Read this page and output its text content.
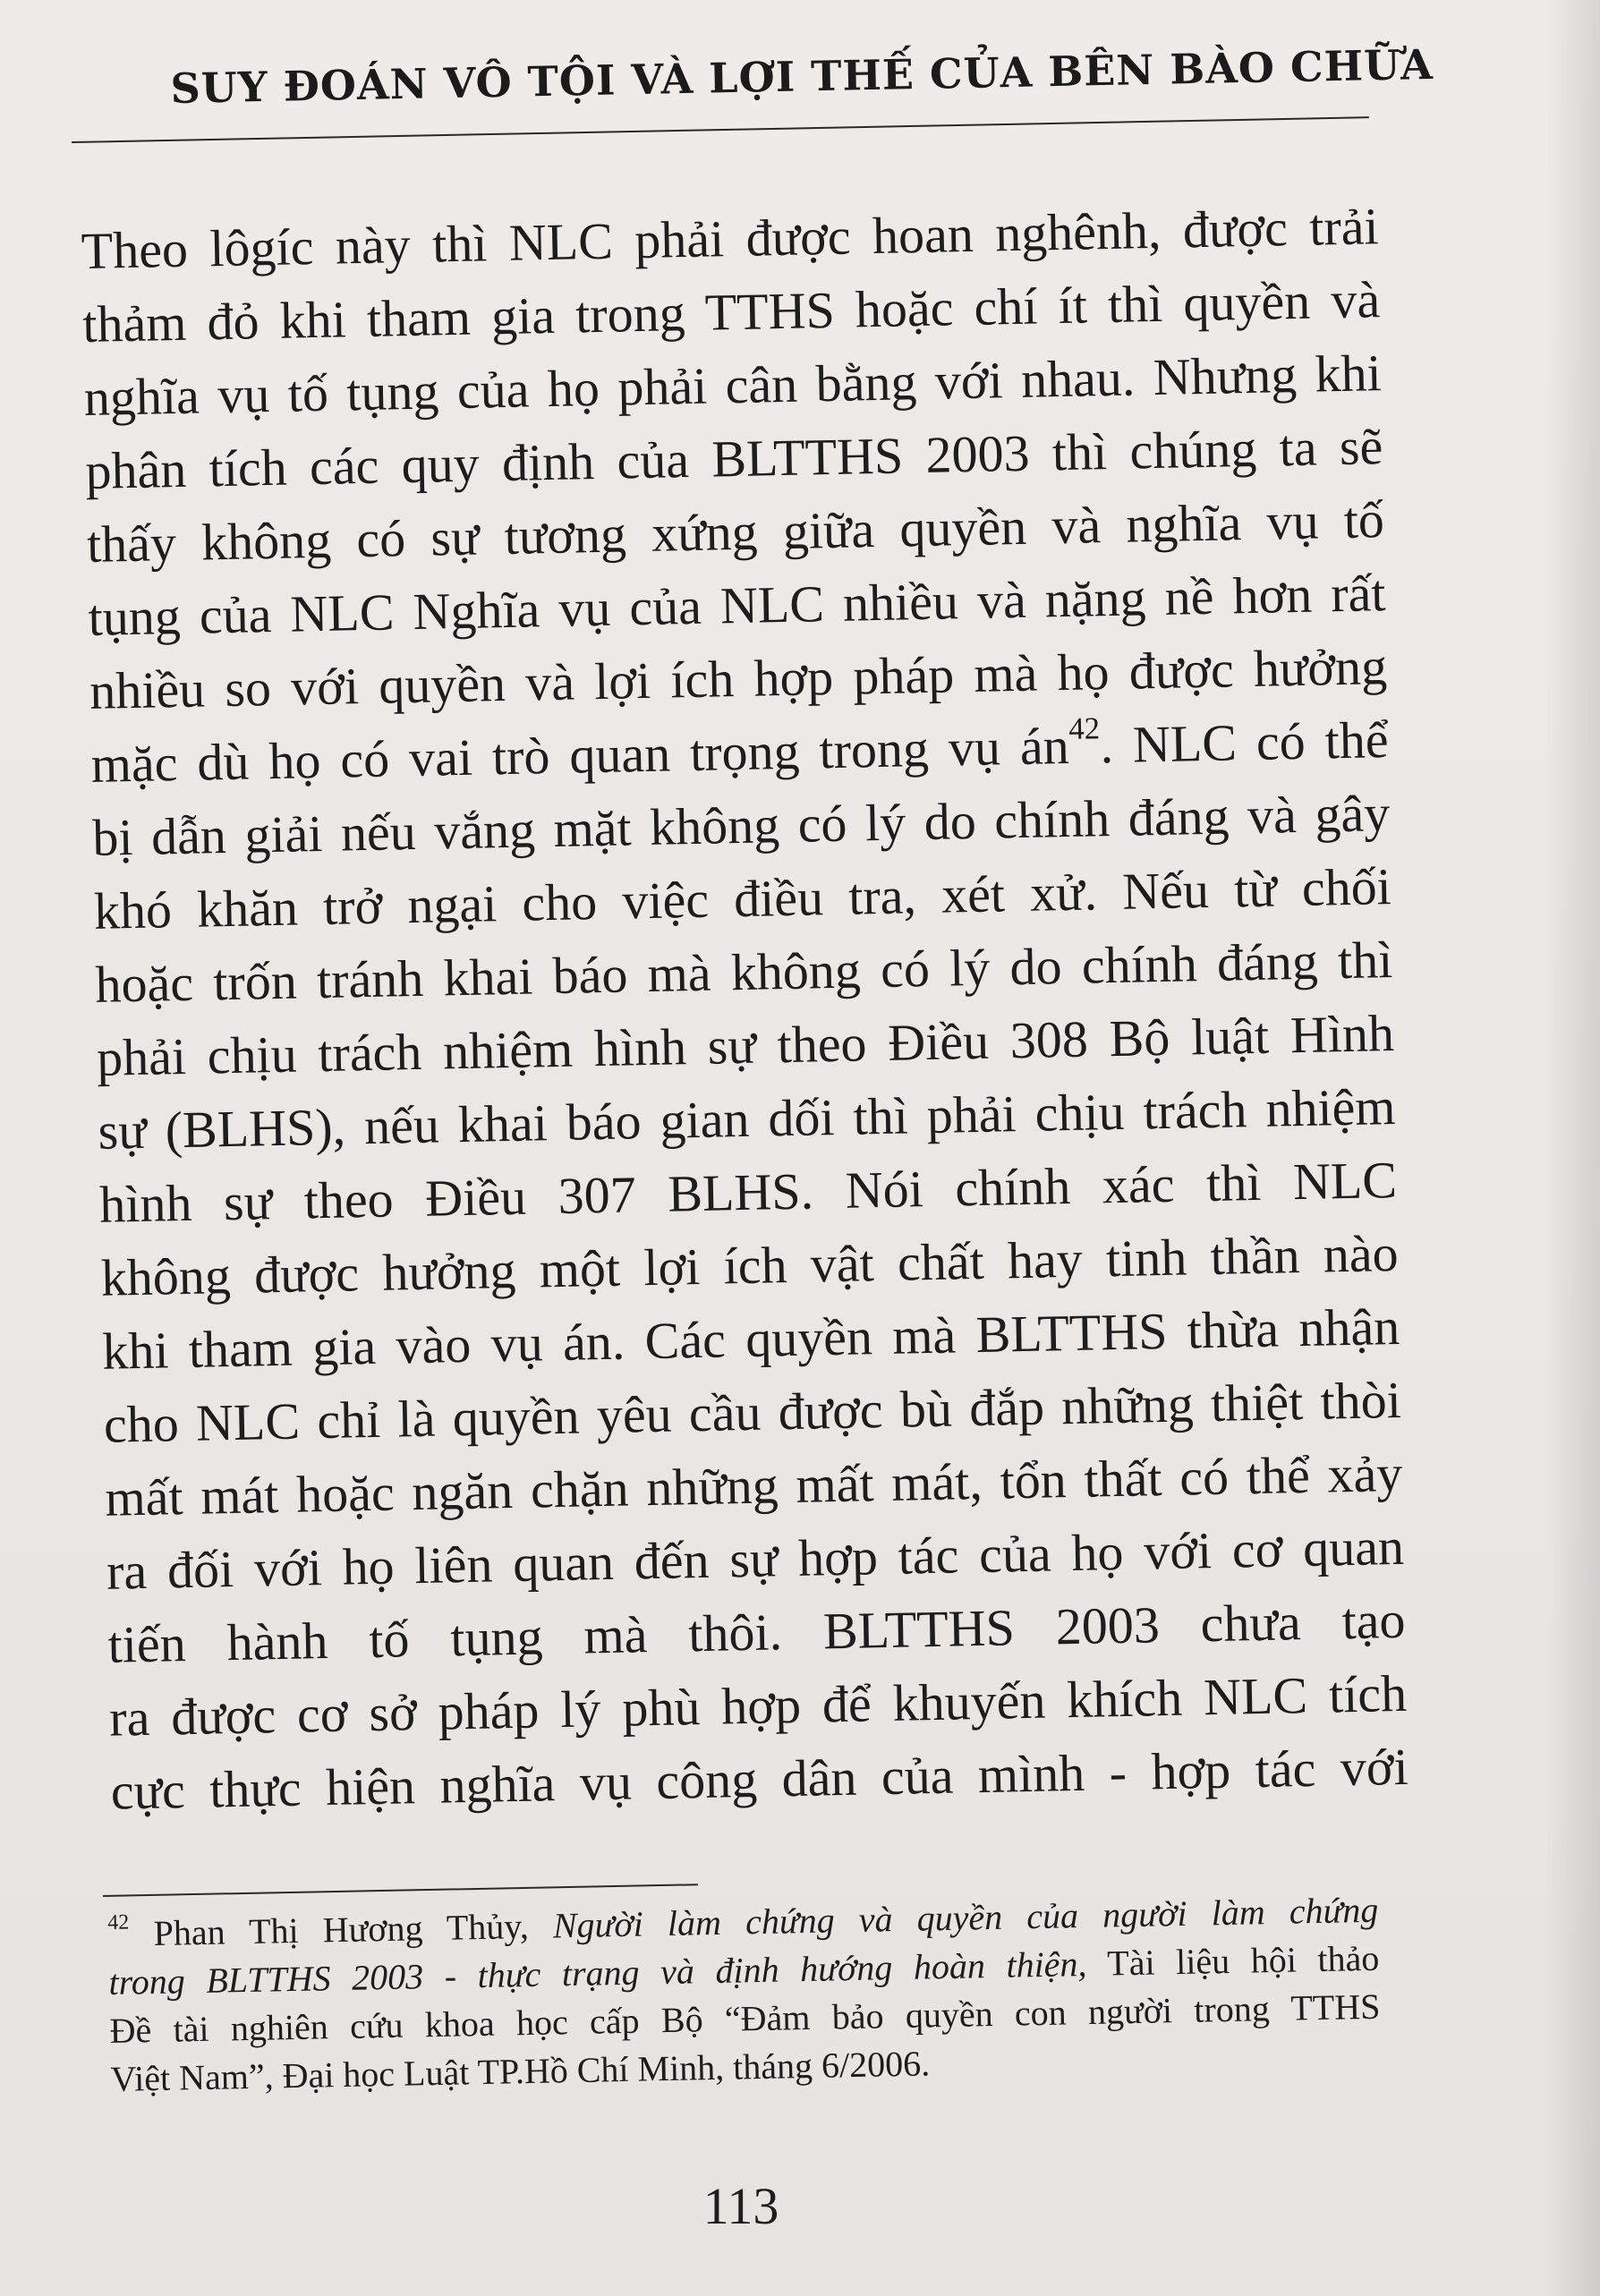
SUY ĐOÁN VÔ TỘI VÀ LỢI THẾ CỦA BÊN BÀO CHỮA
Theo lôgíc này thì NLC phải được hoan nghênh, được trải
thảm đỏ khi tham gia trong TTHS hoặc chí ít thì quyền và
nghĩa vụ tố tụng của họ phải cân bằng với nhau. Nhưng khi
phân tích các quy định của BLTTHS 2003 thì chúng ta sẽ
thấy không có sự tương xứng giữa quyền và nghĩa vụ tố
tụng của NLC Nghĩa vụ của NLC nhiều và nặng nề hơn rất
nhiều so với quyền và lợi ích hợp pháp mà họ được hưởng
mặc dù họ có vai trò quan trọng trong vụ $án^{42}$. NLC có thể
bị dẫn giải nếu vắng mặt không có lý do chính đáng và gây
khó khăn trở ngại cho việc điều tra, xét xử. Nếu từ chối
hoặc trốn tránh khai báo mà không có lý do chính đáng thì
phải chịu trách nhiệm hình sự theo Điều 308 Bộ luật Hình
sự (BLHS), nếu khai báo gian dối thì phải chịu trách nhiệm
hình sự theo Điều 307 BLHS. Nói chính xác thì NLC
không được hưởng một lợi ích vật chất hay tinh thần nào
khi tham gia vào vụ án. Các quyền mà BLTTHS thừa nhận
cho NLC chỉ là quyền yêu cầu được bù đắp những thiệt thòi
mất mát hoặc ngăn chặn những mất mát, tổn thất có thể xảy
ra đối với họ liên quan đến sự hợp tác của họ với cơ quan
tiến hành tố tụng mà thôi. BLTTHS 2003 chưa tạo
ra được cơ sở pháp lý phù hợp để khuyến khích NLC tích
cực thực hiện nghĩa vụ công dân của mình - hợp tác với
$^{42}$ Phan Thị Hương Thủy, Người làm chứng và quyền của người làm chứng
trong BLTTHS 2003 - thực trạng và định hướng hoàn thiện, Tài liệu hội thảo
Đề tài nghiên cứu khoa học cấp Bộ “Đảm bảo quyền con người trong TTHS
Việt Nam”, Đại học Luật TP.Hồ Chí Minh, tháng 6/2006.
113
